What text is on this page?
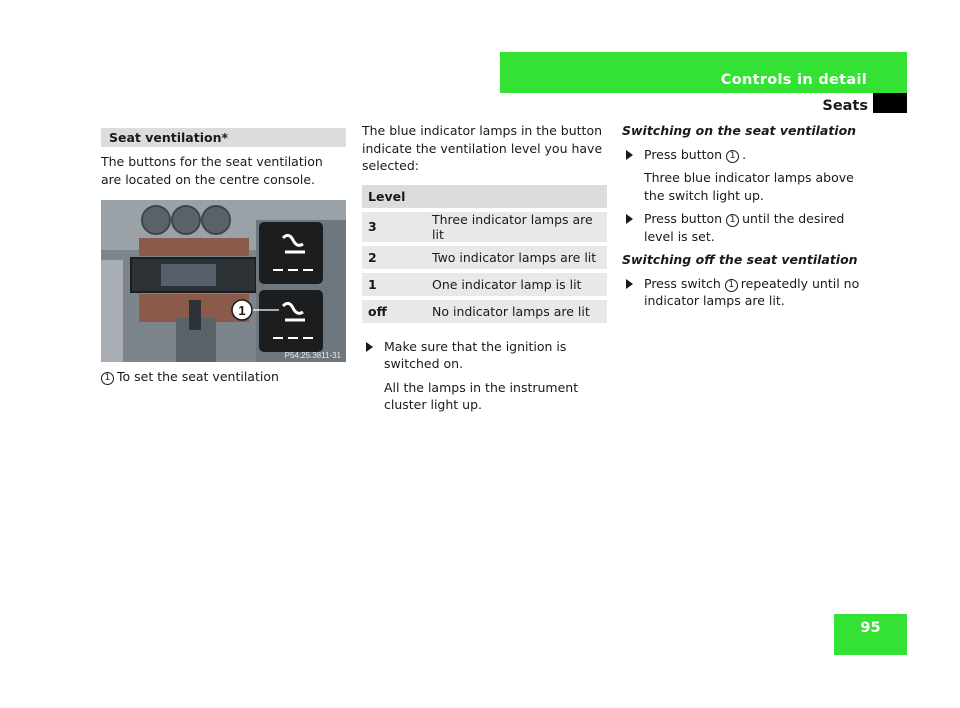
Controls in detail
Seats
Seat ventilation*

The buttons for the seat ventilation are located on the centre console.

1
P54.25.3811-31

1 To set the seat ventilation

The blue indicator lamps in the button indicate the ventilation level you have selected:

Level	

3	Three indicator lamps are lit

2	Two indicator lamps are lit

1	One indicator lamp is lit

off	No indicator lamps are lit

Make sure that the ignition is switched on.

All the lamps in the instrument cluster light up.

Switching on the seat ventilation

Press button 1 .

Three blue indicator lamps above the switch light up.

Press button 1 until the desired level is set.

Switching off the seat ventilation

Press switch 1 repeatedly until no indicator lamps are lit.

95
